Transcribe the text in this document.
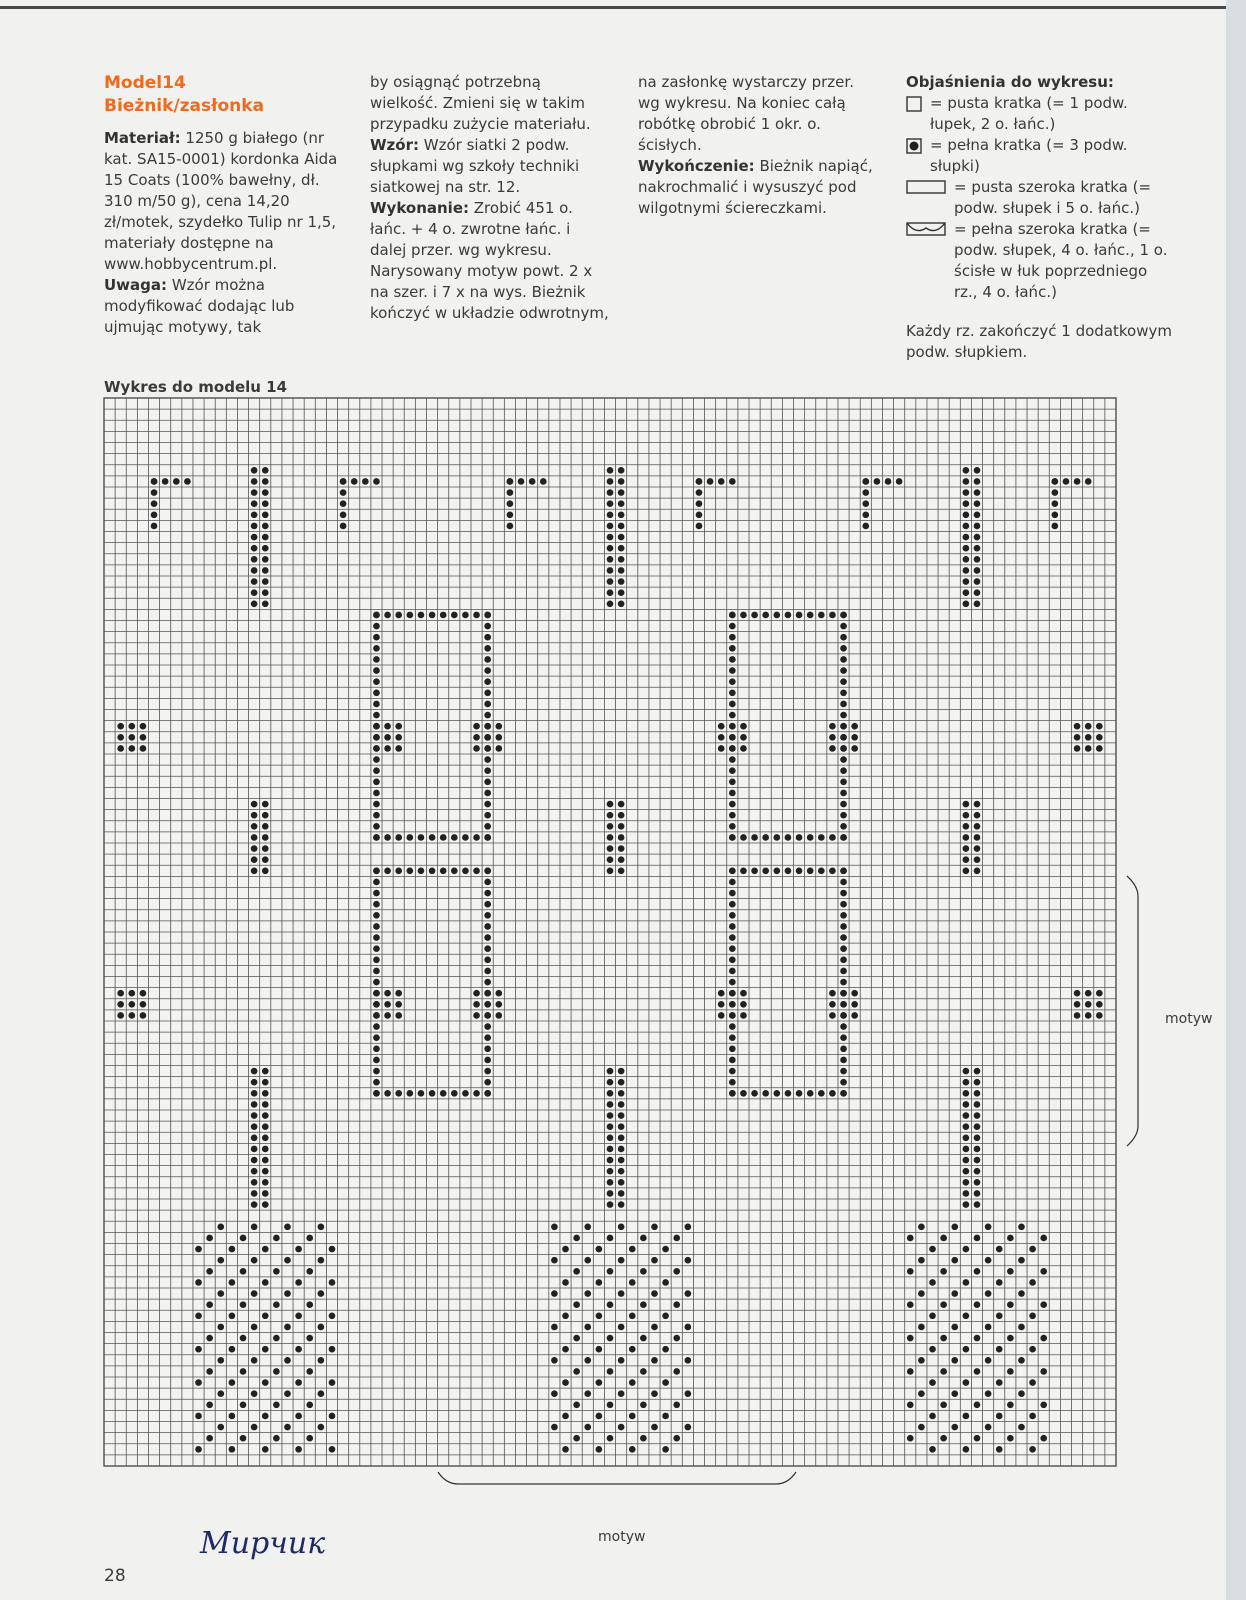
Model14
Bieżnik/zasłonka

Materiał: 1250 g białego (nr kat. SA15-0001) kordonka Aida 15 Coats (100% bawełny, dł. 310 m/50 g), cena 14,20 zł/motek, szydełko Tulip nr 1,5, materiały dostępne na www.hobbycentrum.pl.

Uwaga: Wzór można modyfikować dodając lub ujmując motywy, tak

by osiągnąć potrzebną wielkość. Zmieni się w takim przypadku zużycie materiału.

Wzór: Wzór siatki 2 podw. słupkami wg szkoły techniki siatkowej na str. 12.

Wykonanie: Zrobić 451 o. łańc. + 4 o. zwrotne łańc. i dalej przer. wg wykresu. Narysowany motyw powt. 2 x na szer. i 7 x na wys. Bieżnik kończyć w układzie odwrotnym,

na zasłonkę wystarczy przer. wg wykresu. Na koniec całą robótkę obrobić 1 okr. o. ścisłych.

Wykończenie: Bieżnik napiąć, nakrochmalić i wysuszyć pod wilgotnymi ściereczkami.

Objaśnienia do wykresu:

= pusta kratka (= 1 podw. łupek, 2 o. łańc.)
= pełna kratka (= 3 podw. słupki)
= pusta szeroka kratka (= podw. słupek i 5 o. łańc.)
= pełna szeroka kratka (= podw. słupek, 4 o. łańc., 1 o. ścisłe w łuk poprzedniego rz., 4 o. łańc.)

Każdy rz. zakończyć 1 dodatkowym podw. słupkiem.

Wykres do modelu 14
motyw
motyw
Мирчик
28
